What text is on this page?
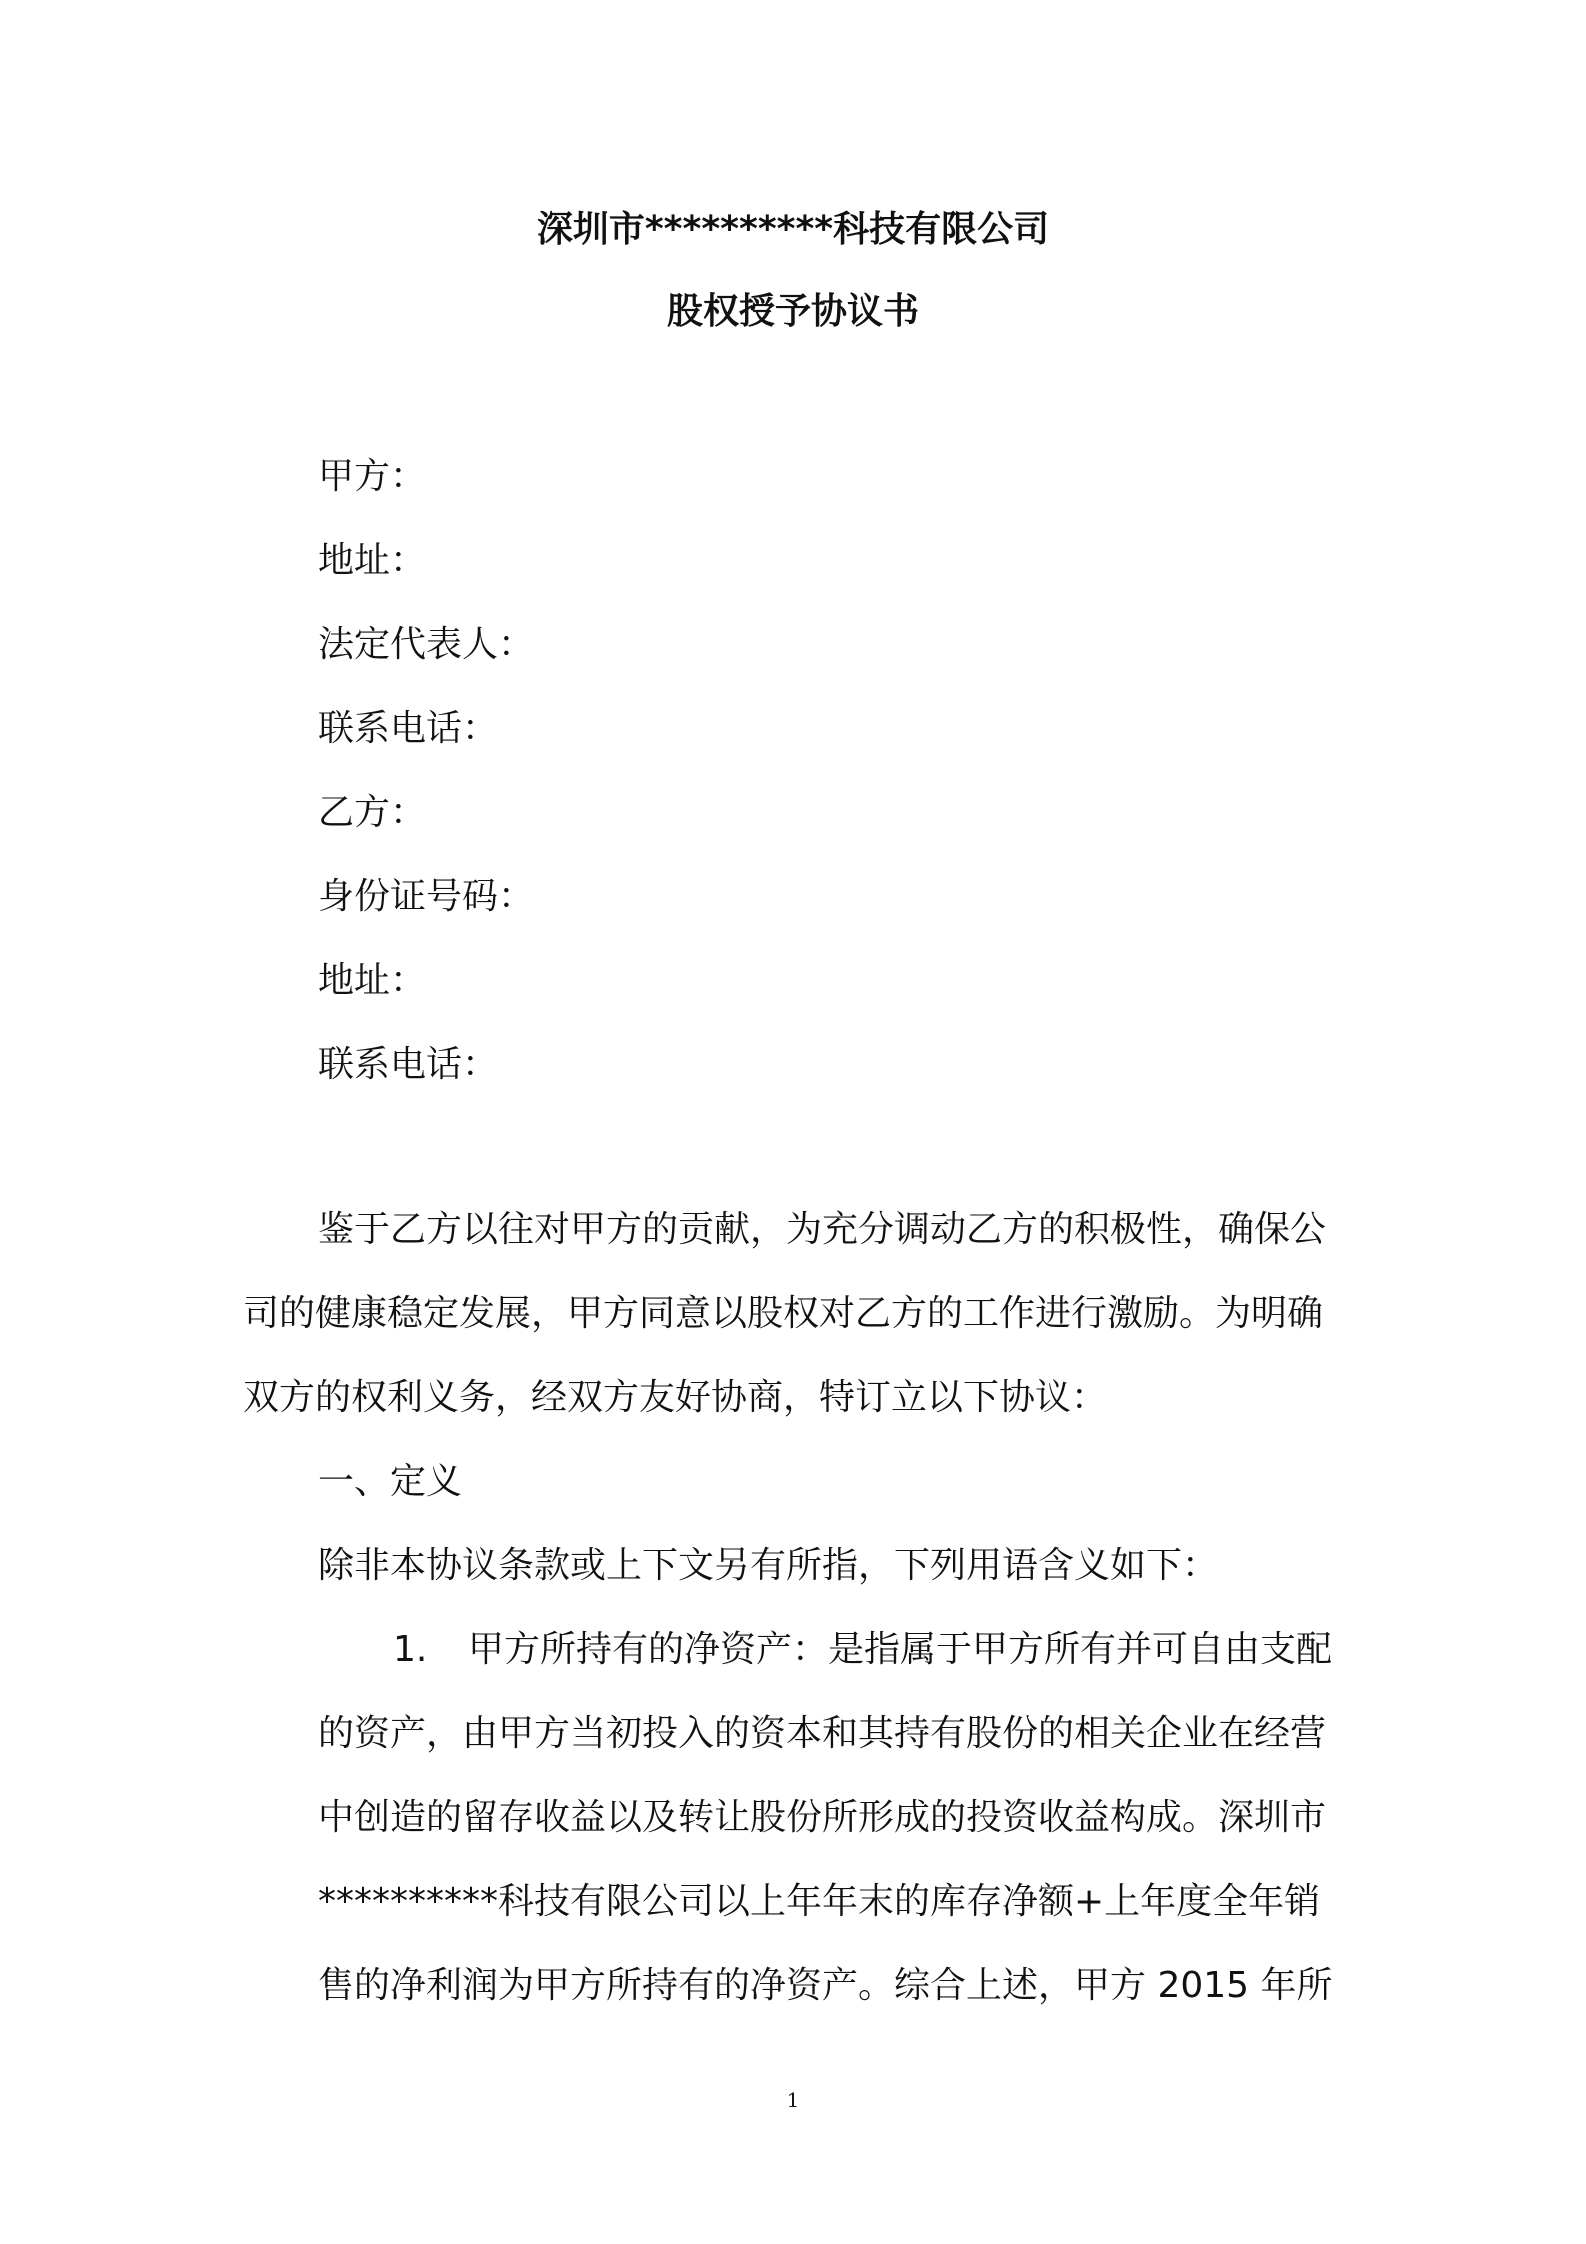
深圳市**********科技有限公司
股权授予协议书
甲方：
地址：
法定代表人：
联系电话：
乙方：
身份证号码：
地址：
联系电话：

鉴于乙方以往对甲方的贡献，为充分调动乙方的积极性，确保公

司的健康稳定发展，甲方同意以股权对乙方的工作进行激励。为明确

双方的权利义务，经双方友好协商，特订立以下协议：

一、定义
除非本协议条款或上下文另有所指，下列用语含义如下：

1. 甲方所持有的净资产：是指属于甲方所有并可自由支配

的资产，由甲方当初投入的资本和其持有股份的相关企业在经营

中创造的留存收益以及转让股份所形成的投资收益构成。深圳市

**********科技有限公司以上年年末的库存净额+上年度全年销

售的净利润为甲方所持有的净资产。综合上述，甲方 2015 年所

1
